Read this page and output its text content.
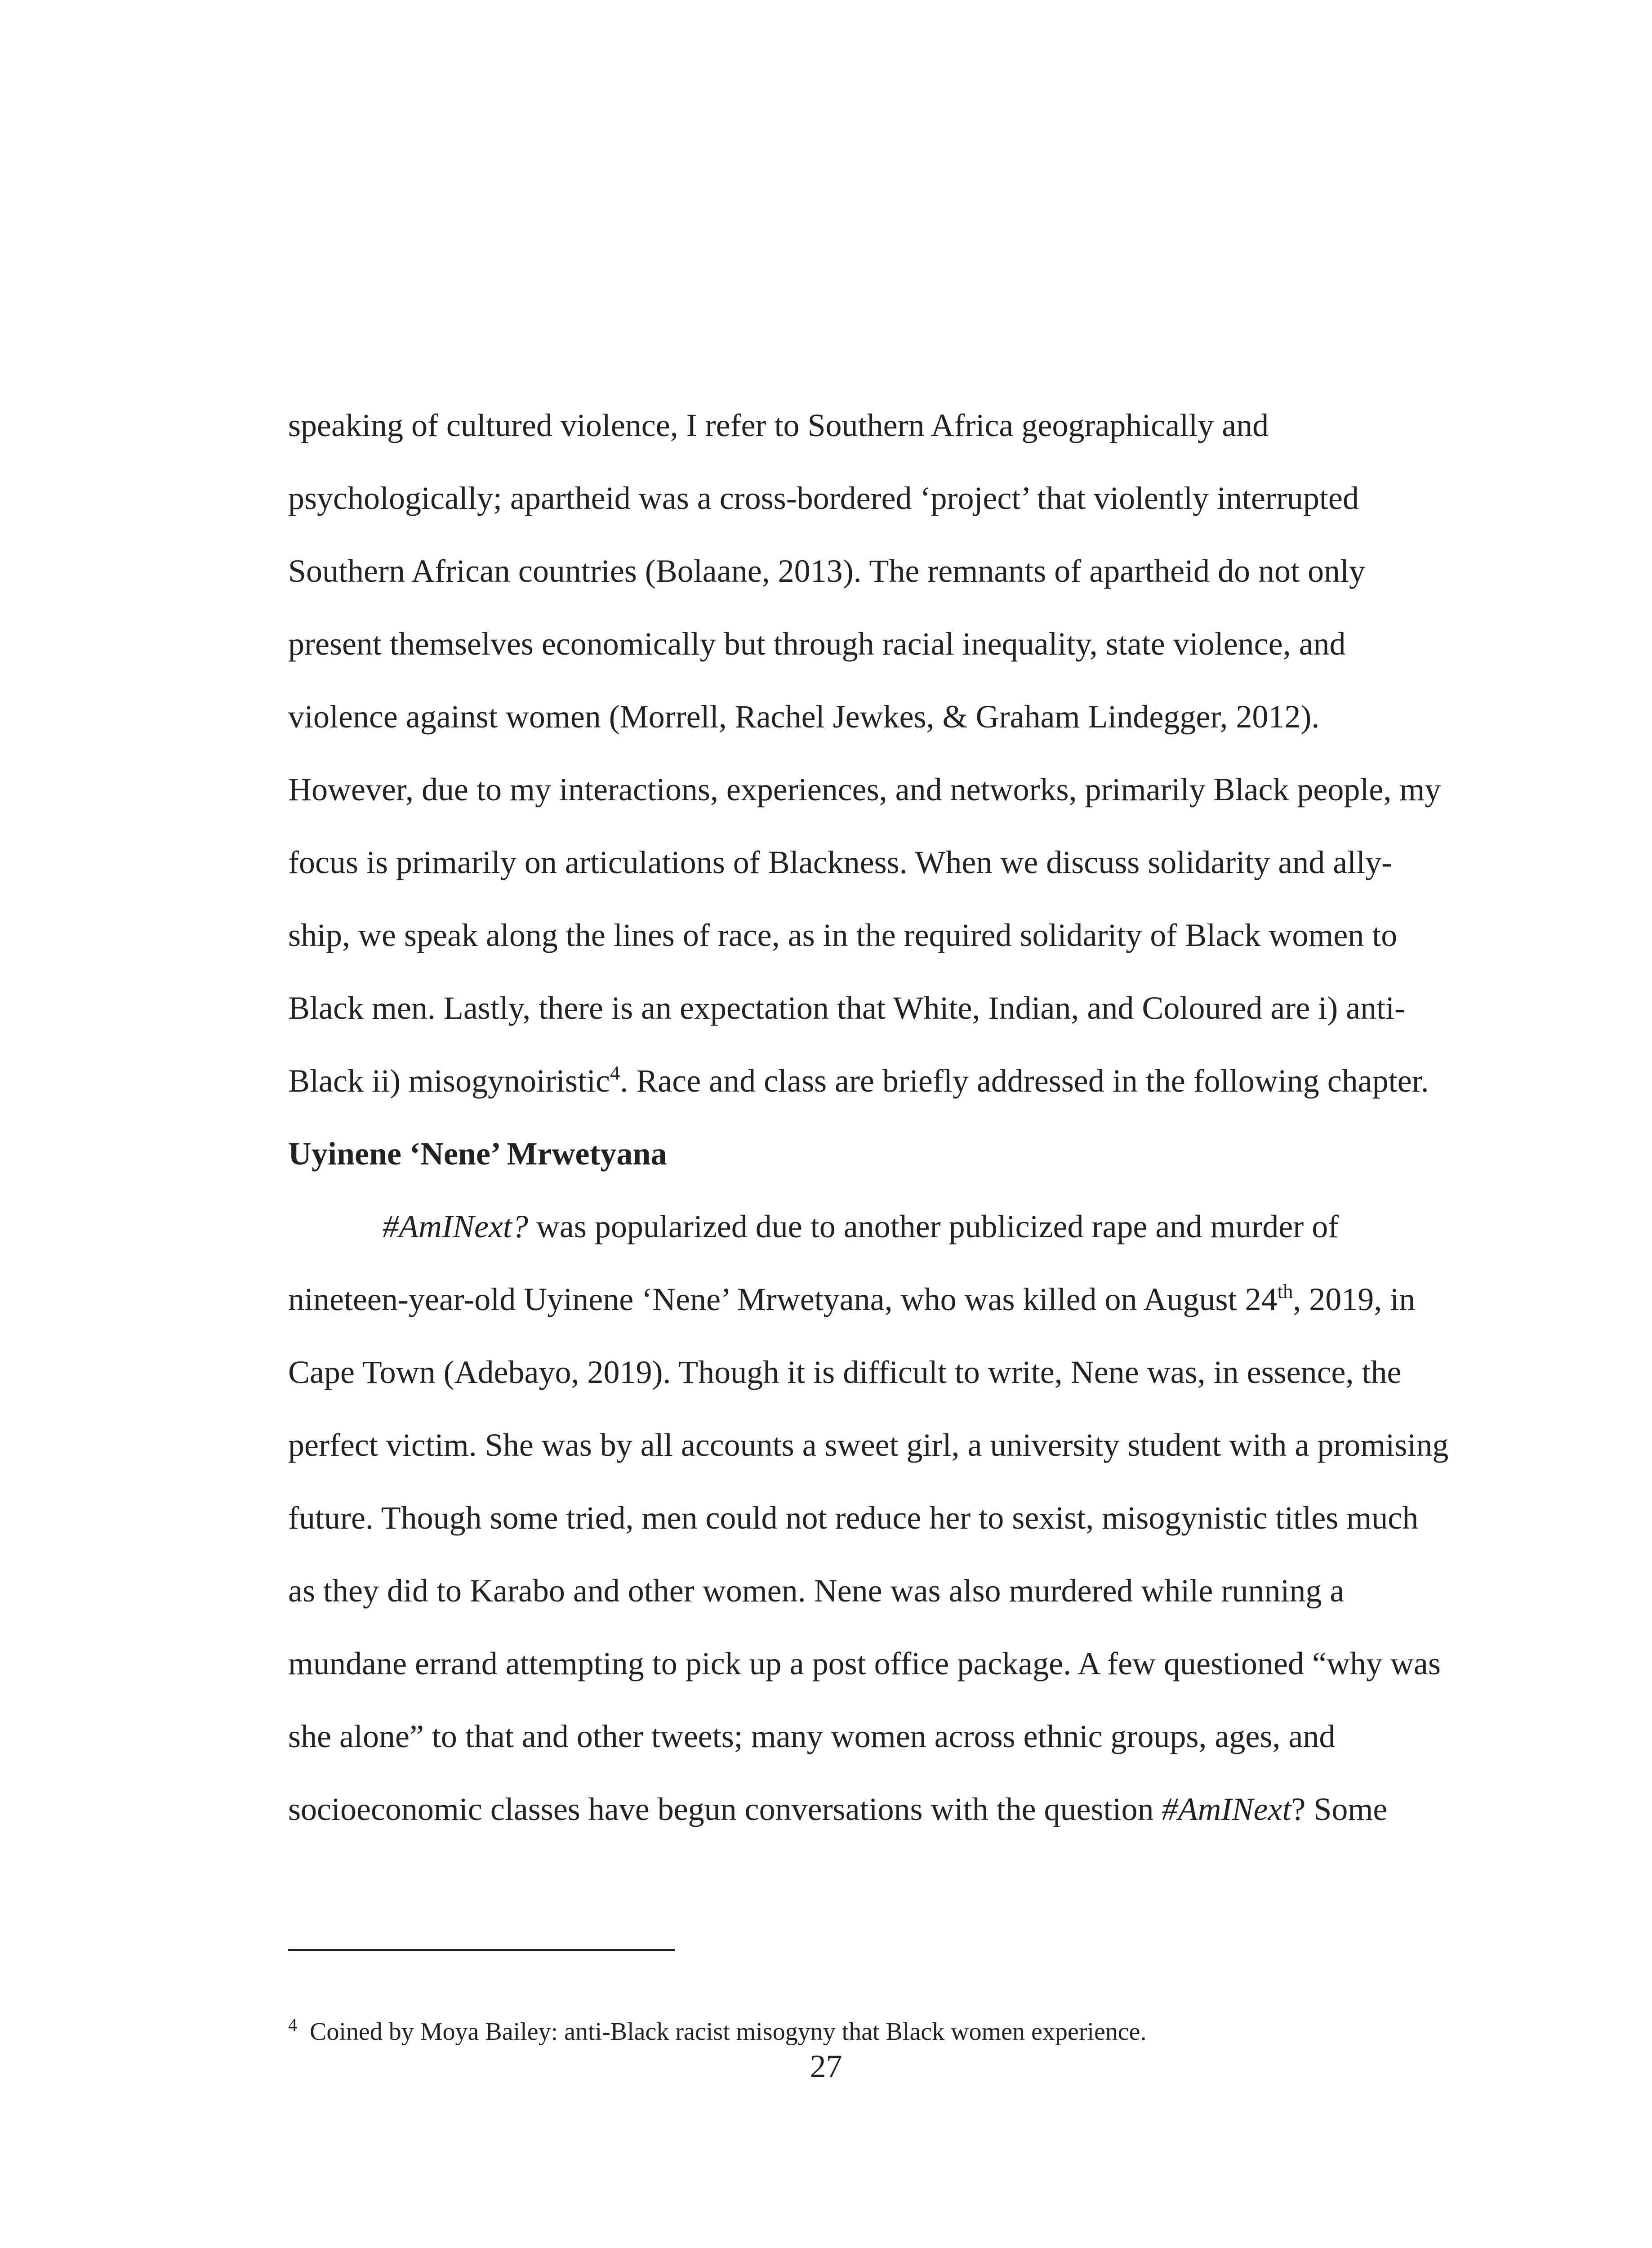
speaking of cultured violence, I refer to Southern Africa geographically and
psychologically; apartheid was a cross-bordered ‘project’ that violently interrupted
Southern African countries (Bolaane, 2013). The remnants of apartheid do not only
present themselves economically but through racial inequality, state violence, and
violence against women (Morrell, Rachel Jewkes, & Graham Lindegger, 2012).
However, due to my interactions, experiences, and networks, primarily Black people, my
focus is primarily on articulations of Blackness. When we discuss solidarity and ally-
ship, we speak along the lines of race, as in the required solidarity of Black women to
Black men. Lastly, there is an expectation that White, Indian, and Coloured are i) anti-
Black ii) misogynoiristic$^4$. Race and class are briefly addressed in the following chapter.
Uyinene ‘Nene’ Mrwetyana
#AmINext? was popularized due to another publicized rape and murder of
nineteen-year-old Uyinene ‘Nene’ Mrwetyana, who was killed on August 24th, 2019, in
Cape Town (Adebayo, 2019). Though it is difficult to write, Nene was, in essence, the
perfect victim. She was by all accounts a sweet girl, a university student with a promising
future. Though some tried, men could not reduce her to sexist, misogynistic titles much
as they did to Karabo and other women. Nene was also murdered while running a
mundane errand attempting to pick up a post office package. A few questioned “why was
she alone” to that and other tweets; many women across ethnic groups, ages, and
socioeconomic classes have begun conversations with the question #AmINext? Some
$^4$ Coined by Moya Bailey: anti-Black racist misogyny that Black women experience.
27
